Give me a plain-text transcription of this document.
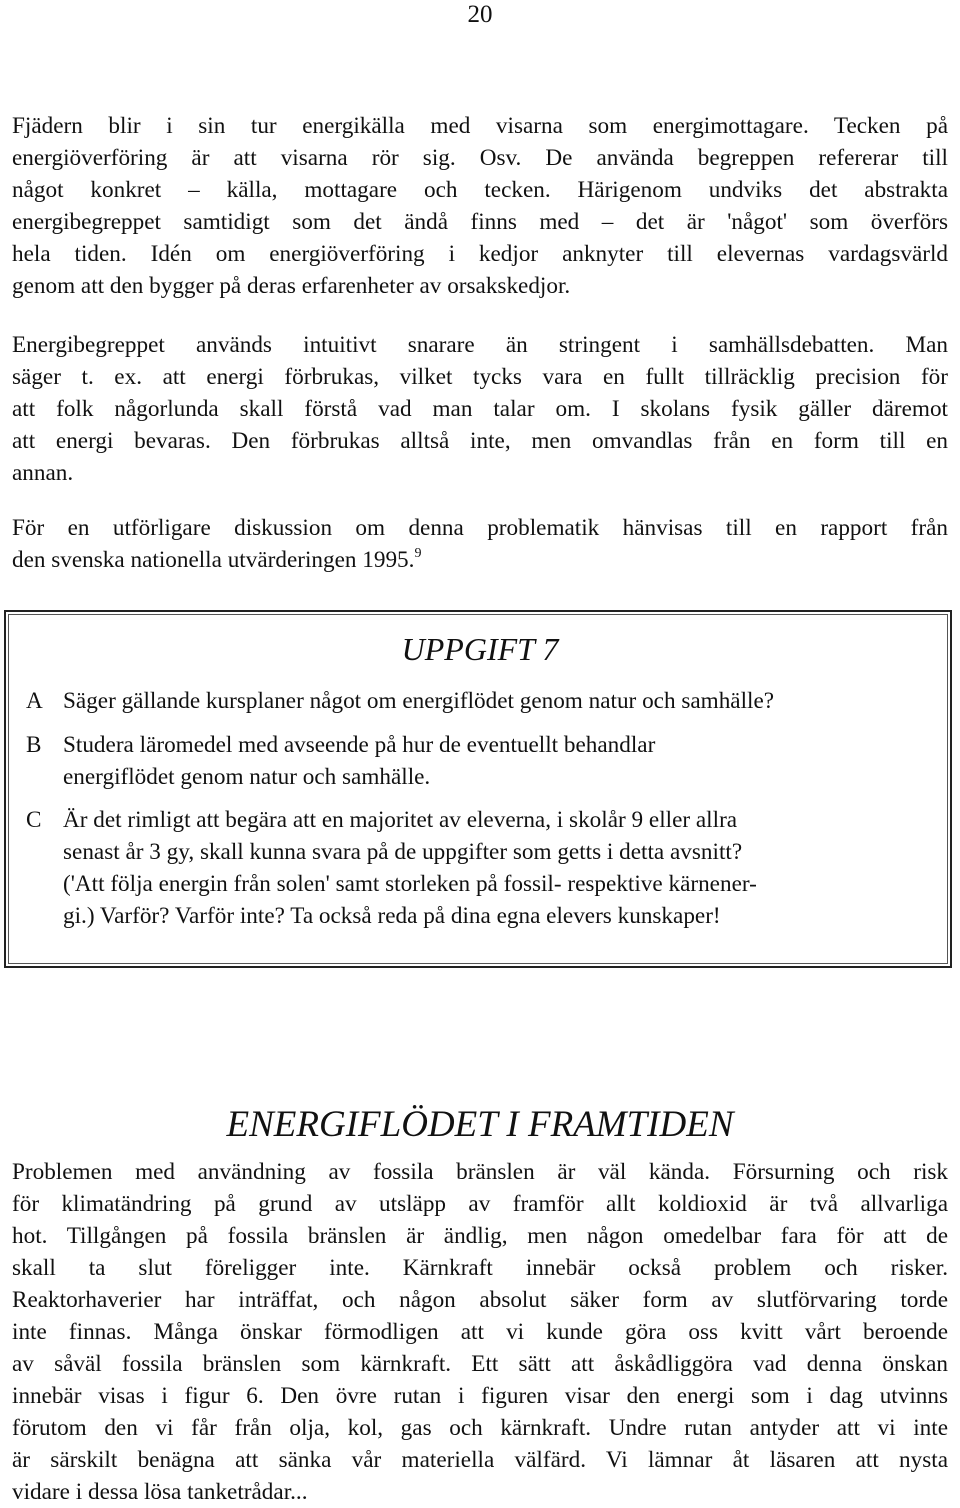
20
Fjädern blir i sin tur energikälla med visarna som energimottagare. Tecken på
energiöverföring är att visarna rör sig. Osv. De använda begreppen refererar till
något konkret – källa, mottagare och tecken. Härigenom undviks det abstrakta
energibegreppet samtidigt som det ändå finns med – det är 'något' som överförs
hela tiden. Idén om energiöverföring i kedjor anknyter till elevernas vardagsvärld
genom att den bygger på deras erfarenheter av orsakskedjor.
Energibegreppet används intuitivt snarare än stringent i samhällsdebatten. Man
säger t. ex. att energi förbrukas, vilket tycks vara en fullt tillräcklig precision för
att folk någorlunda skall förstå vad man talar om. I skolans fysik gäller däremot
att energi bevaras. Den förbrukas alltså inte, men omvandlas från en form till en
annan.
För en utförligare diskussion om denna problematik hänvisas till en rapport från
den svenska nationella utvärderingen 1995.$^9$
UPPGIFT 7
A Säger gällande kursplaner något om energiflödet genom natur och samhälle?
B Studera läromedel med avseende på hur de eventuellt behandlar
energiflödet genom natur och samhälle.
C Är det rimligt att begära att en majoritet av eleverna, i skolår 9 eller allra
senast år 3 gy, skall kunna svara på de uppgifter som getts i detta avsnitt?
('Att följa energin från solen' samt storleken på fossil- respektive kärnener-
gi.) Varför? Varför inte? Ta också reda på dina egna elevers kunskaper!
ENERGIFLÖDET I FRAMTIDEN
Problemen med användning av fossila bränslen är väl kända. Försurning och risk
för klimatändring på grund av utsläpp av framför allt koldioxid är två allvarliga
hot. Tillgången på fossila bränslen är ändlig, men någon omedelbar fara för att de
skall ta slut föreligger inte. Kärnkraft innebär också problem och risker.
Reaktorhaverier har inträffat, och någon absolut säker form av slutförvaring torde
inte finnas. Många önskar förmodligen att vi kunde göra oss kvitt vårt beroende
av såväl fossila bränslen som kärnkraft. Ett sätt att åskådliggöra vad denna önskan
innebär visas i figur 6. Den övre rutan i figuren visar den energi som i dag utvinns
förutom den vi får från olja, kol, gas och kärnkraft. Undre rutan antyder att vi inte
är särskilt benägna att sänka vår materiella välfärd. Vi lämnar åt läsaren att nysta
vidare i dessa lösa tanketrådar...
